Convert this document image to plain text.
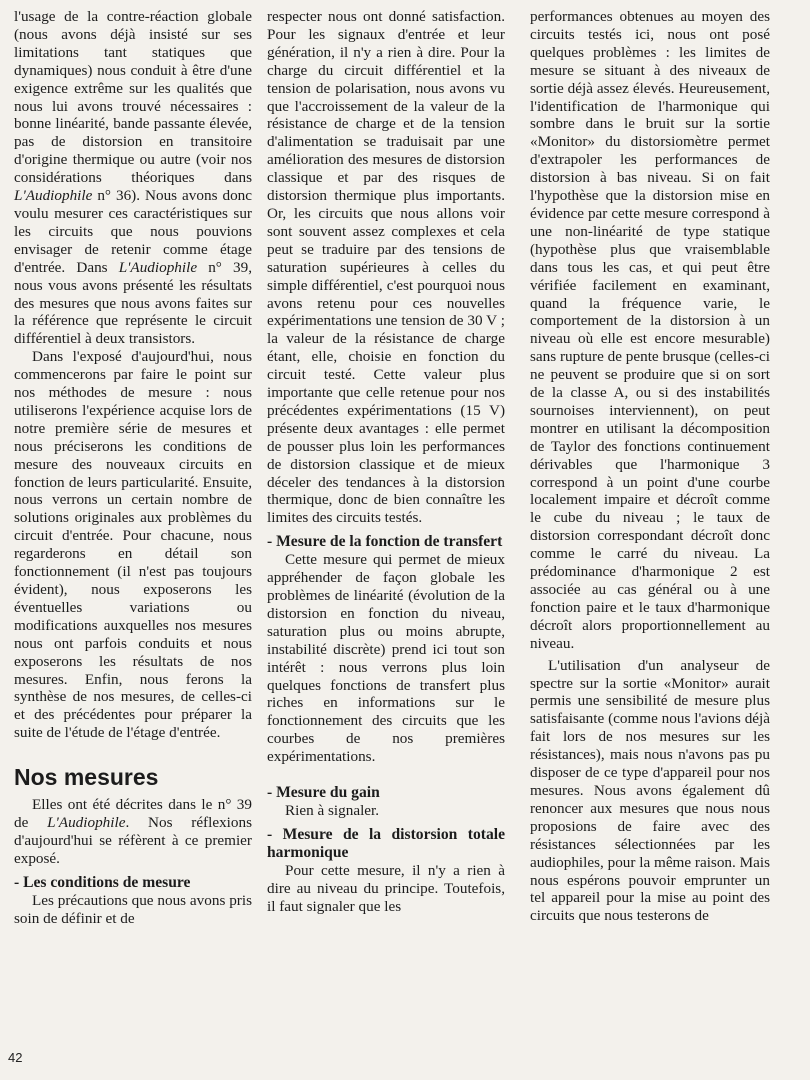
l'usage de la contre-réaction globale (nous avons déjà insisté sur ses limitations tant statiques que dynamiques) nous conduit à être d'une exigence extrême sur les qualités que nous lui avons trouvé nécessaires : bonne linéarité, bande passante élevée, pas de distorsion en transitoire d'origine thermique ou autre (voir nos considérations théoriques dans L'Audiophile n° 36). Nous avons donc voulu mesurer ces caractéristiques sur les circuits que nous pouvions envisager de retenir comme étage d'entrée. Dans L'Audiophile n° 39, nous vous avons présenté les résultats des mesures que nous avons faites sur la référence que représente le circuit différentiel à deux transistors.

Dans l'exposé d'aujourd'hui, nous commencerons par faire le point sur nos méthodes de mesure : nous utiliserons l'expérience acquise lors de notre première série de mesures et nous préciserons les conditions de mesure des nouveaux circuits en fonction de leurs particularité. Ensuite, nous verrons un certain nombre de solutions originales aux problèmes du circuit d'entrée. Pour chacune, nous regarderons en détail son fonctionnement (il n'est pas toujours évident), nous exposerons les éventuelles variations ou modifications auxquelles nos mesures nous ont parfois conduits et nous exposerons les résultats de nos mesures. Enfin, nous ferons la synthèse de nos mesures, de celles-ci et des précédentes pour préparer la suite de l'étude de l'étage d'entrée.

Nos mesures

Elles ont été décrites dans le n° 39 de L'Audiophile. Nos réflexions d'aujourd'hui se réfèrent à ce premier exposé.

- Les conditions de mesure

Les précautions que nous avons pris soin de définir et de

respecter nous ont donné satisfaction. Pour les signaux d'entrée et leur génération, il n'y a rien à dire. Pour la charge du circuit différentiel et la tension de polarisation, nous avons vu que l'accroissement de la valeur de la résistance de charge et de la tension d'alimentation se traduisait par une amélioration des mesures de distorsion classique et par des risques de distorsion thermique plus importants. Or, les circuits que nous allons voir sont souvent assez complexes et cela peut se traduire par des tensions de saturation supérieures à celles du simple différentiel, c'est pourquoi nous avons retenu pour ces nouvelles expérimentations une tension de 30 V ; la valeur de la résistance de charge étant, elle, choisie en fonction du circuit testé. Cette valeur plus importante que celle retenue pour nos précédentes expérimentations (15 V) présente deux avantages : elle permet de pousser plus loin les performances de distorsion classique et de mieux déceler des tendances à la distorsion thermique, donc de bien connaître les limites des circuits testés.

- Mesure de la fonction de transfert

Cette mesure qui permet de mieux appréhender de façon globale les problèmes de linéarité (évolution de la distorsion en fonction du niveau, saturation plus ou moins abrupte, instabilité discrète) prend ici tout son intérêt : nous verrons plus loin quelques fonctions de transfert plus riches en informations sur le fonctionnement des circuits que les courbes de nos premières expérimentations.

- Mesure du gain

Rien à signaler.

- Mesure de la distorsion totale harmonique

Pour cette mesure, il n'y a rien à dire au niveau du principe. Toutefois, il faut signaler que les

performances obtenues au moyen des circuits testés ici, nous ont posé quelques problèmes : les limites de mesure se situant à des niveaux de sortie déjà assez élevés. Heureusement, l'identification de l'harmonique qui sombre dans le bruit sur la sortie «Monitor» du distorsiomètre permet d'extrapoler les performances de distorsion à bas niveau. Si on fait l'hypothèse que la distorsion mise en évidence par cette mesure correspond à une non-linéarité de type statique (hypothèse plus que vraisemblable dans tous les cas, et qui peut être vérifiée facilement en examinant, quand la fréquence varie, le comportement de la distorsion à un niveau où elle est encore mesurable) sans rupture de pente brusque (celles-ci ne peuvent se produire que si on sort de la classe A, ou si des instabilités sournoises interviennent), on peut montrer en utilisant la décomposition de Taylor des fonctions continuement dérivables que l'harmonique 3 correspond à un point d'une courbe localement impaire et décroît comme le cube du niveau ; le taux de distorsion correspondant décroît donc comme le carré du niveau. La prédominance d'harmonique 2 est associée au cas général ou à une fonction paire et le taux d'harmonique décroît alors proportionnellement au niveau.

L'utilisation d'un analyseur de spectre sur la sortie «Monitor» aurait permis une sensibilité de mesure plus satisfaisante (comme nous l'avions déjà fait lors de nos mesures sur les résistances), mais nous n'avons pas pu disposer de ce type d'appareil pour nos mesures. Nous avons également dû renoncer aux mesures que nous nous proposions de faire avec des résistances sélectionnées par les audiophiles, pour la même raison. Mais nous espérons pouvoir emprunter un tel appareil pour la mise au point des circuits que nous testerons de

42
